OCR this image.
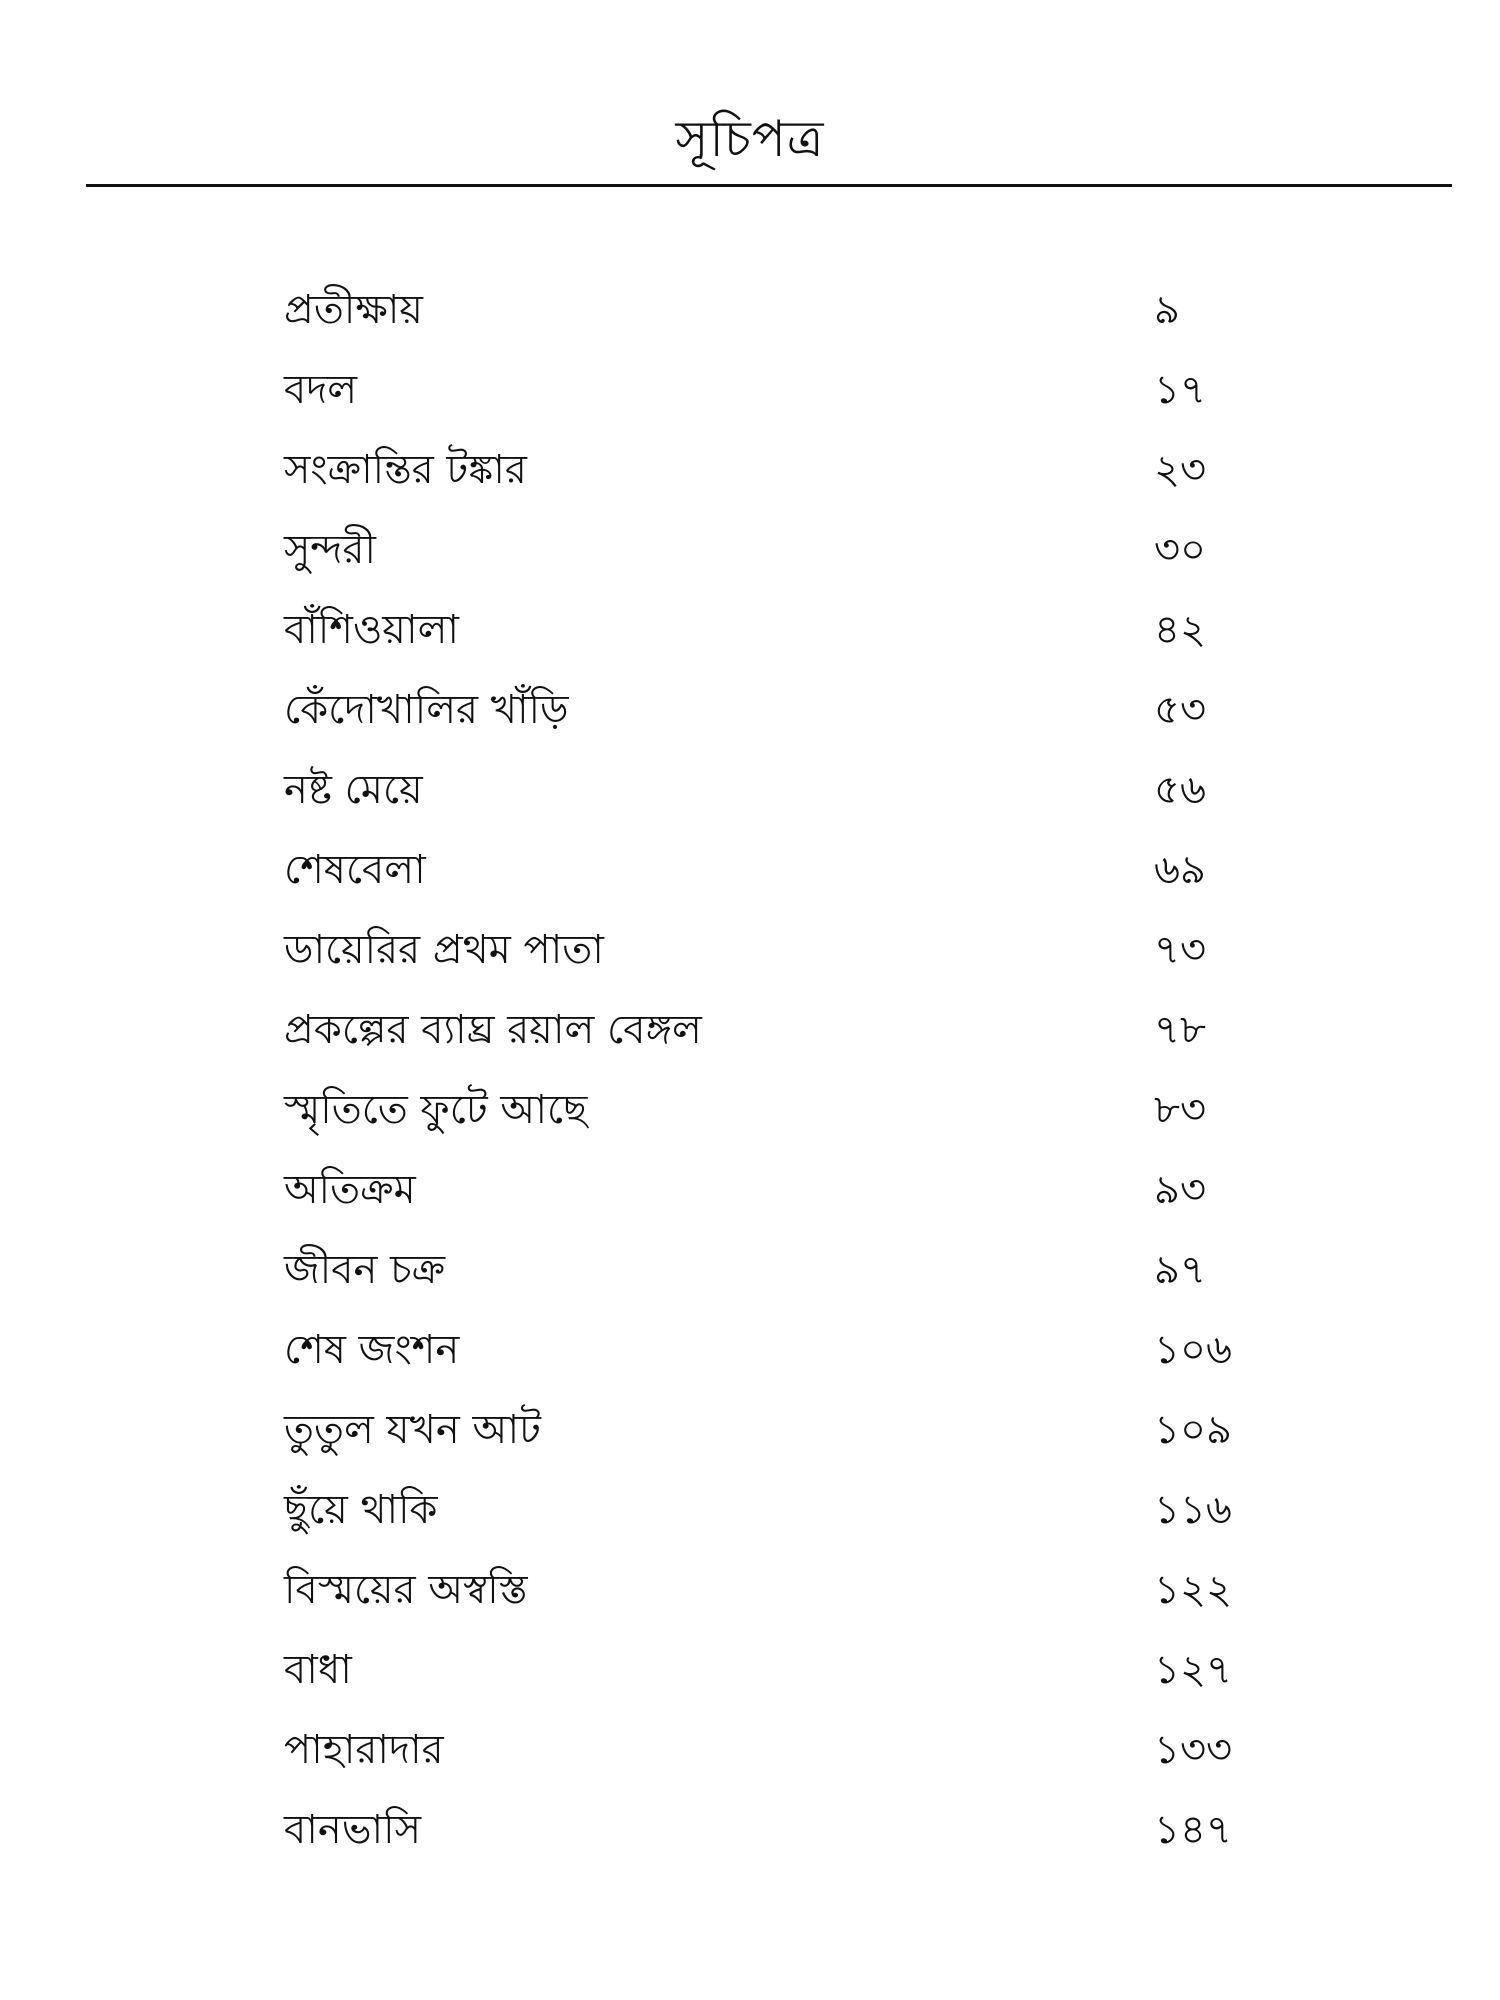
সূচিপত্র
প্রতীক্ষায়	৯
বদল	১৭
সংক্রান্তির টঙ্কার	২৩
সুন্দরী	৩০
বাঁশিওয়ালা	৪২
কেঁদোখালির খাঁড়ি	৫৩
নষ্ট মেয়ে	৫৬
শেষবেলা	৬৯
ডায়েরির প্রথম পাতা	৭৩
প্রকল্পের ব্যাঘ্র রয়াল বেঙ্গল	৭৮
স্মৃতিতে ফুটে আছে	৮৩
অতিক্রম	৯৩
জীবন চক্র	৯৭
শেষ জংশন	১০৬
তুতুল যখন আট	১০৯
ছুঁয়ে থাকি	১১৬
বিস্ময়ের অস্বস্তি	১২২
বাধা	১২৭
পাহারাদার	১৩৩
বানভাসি	১৪৭
